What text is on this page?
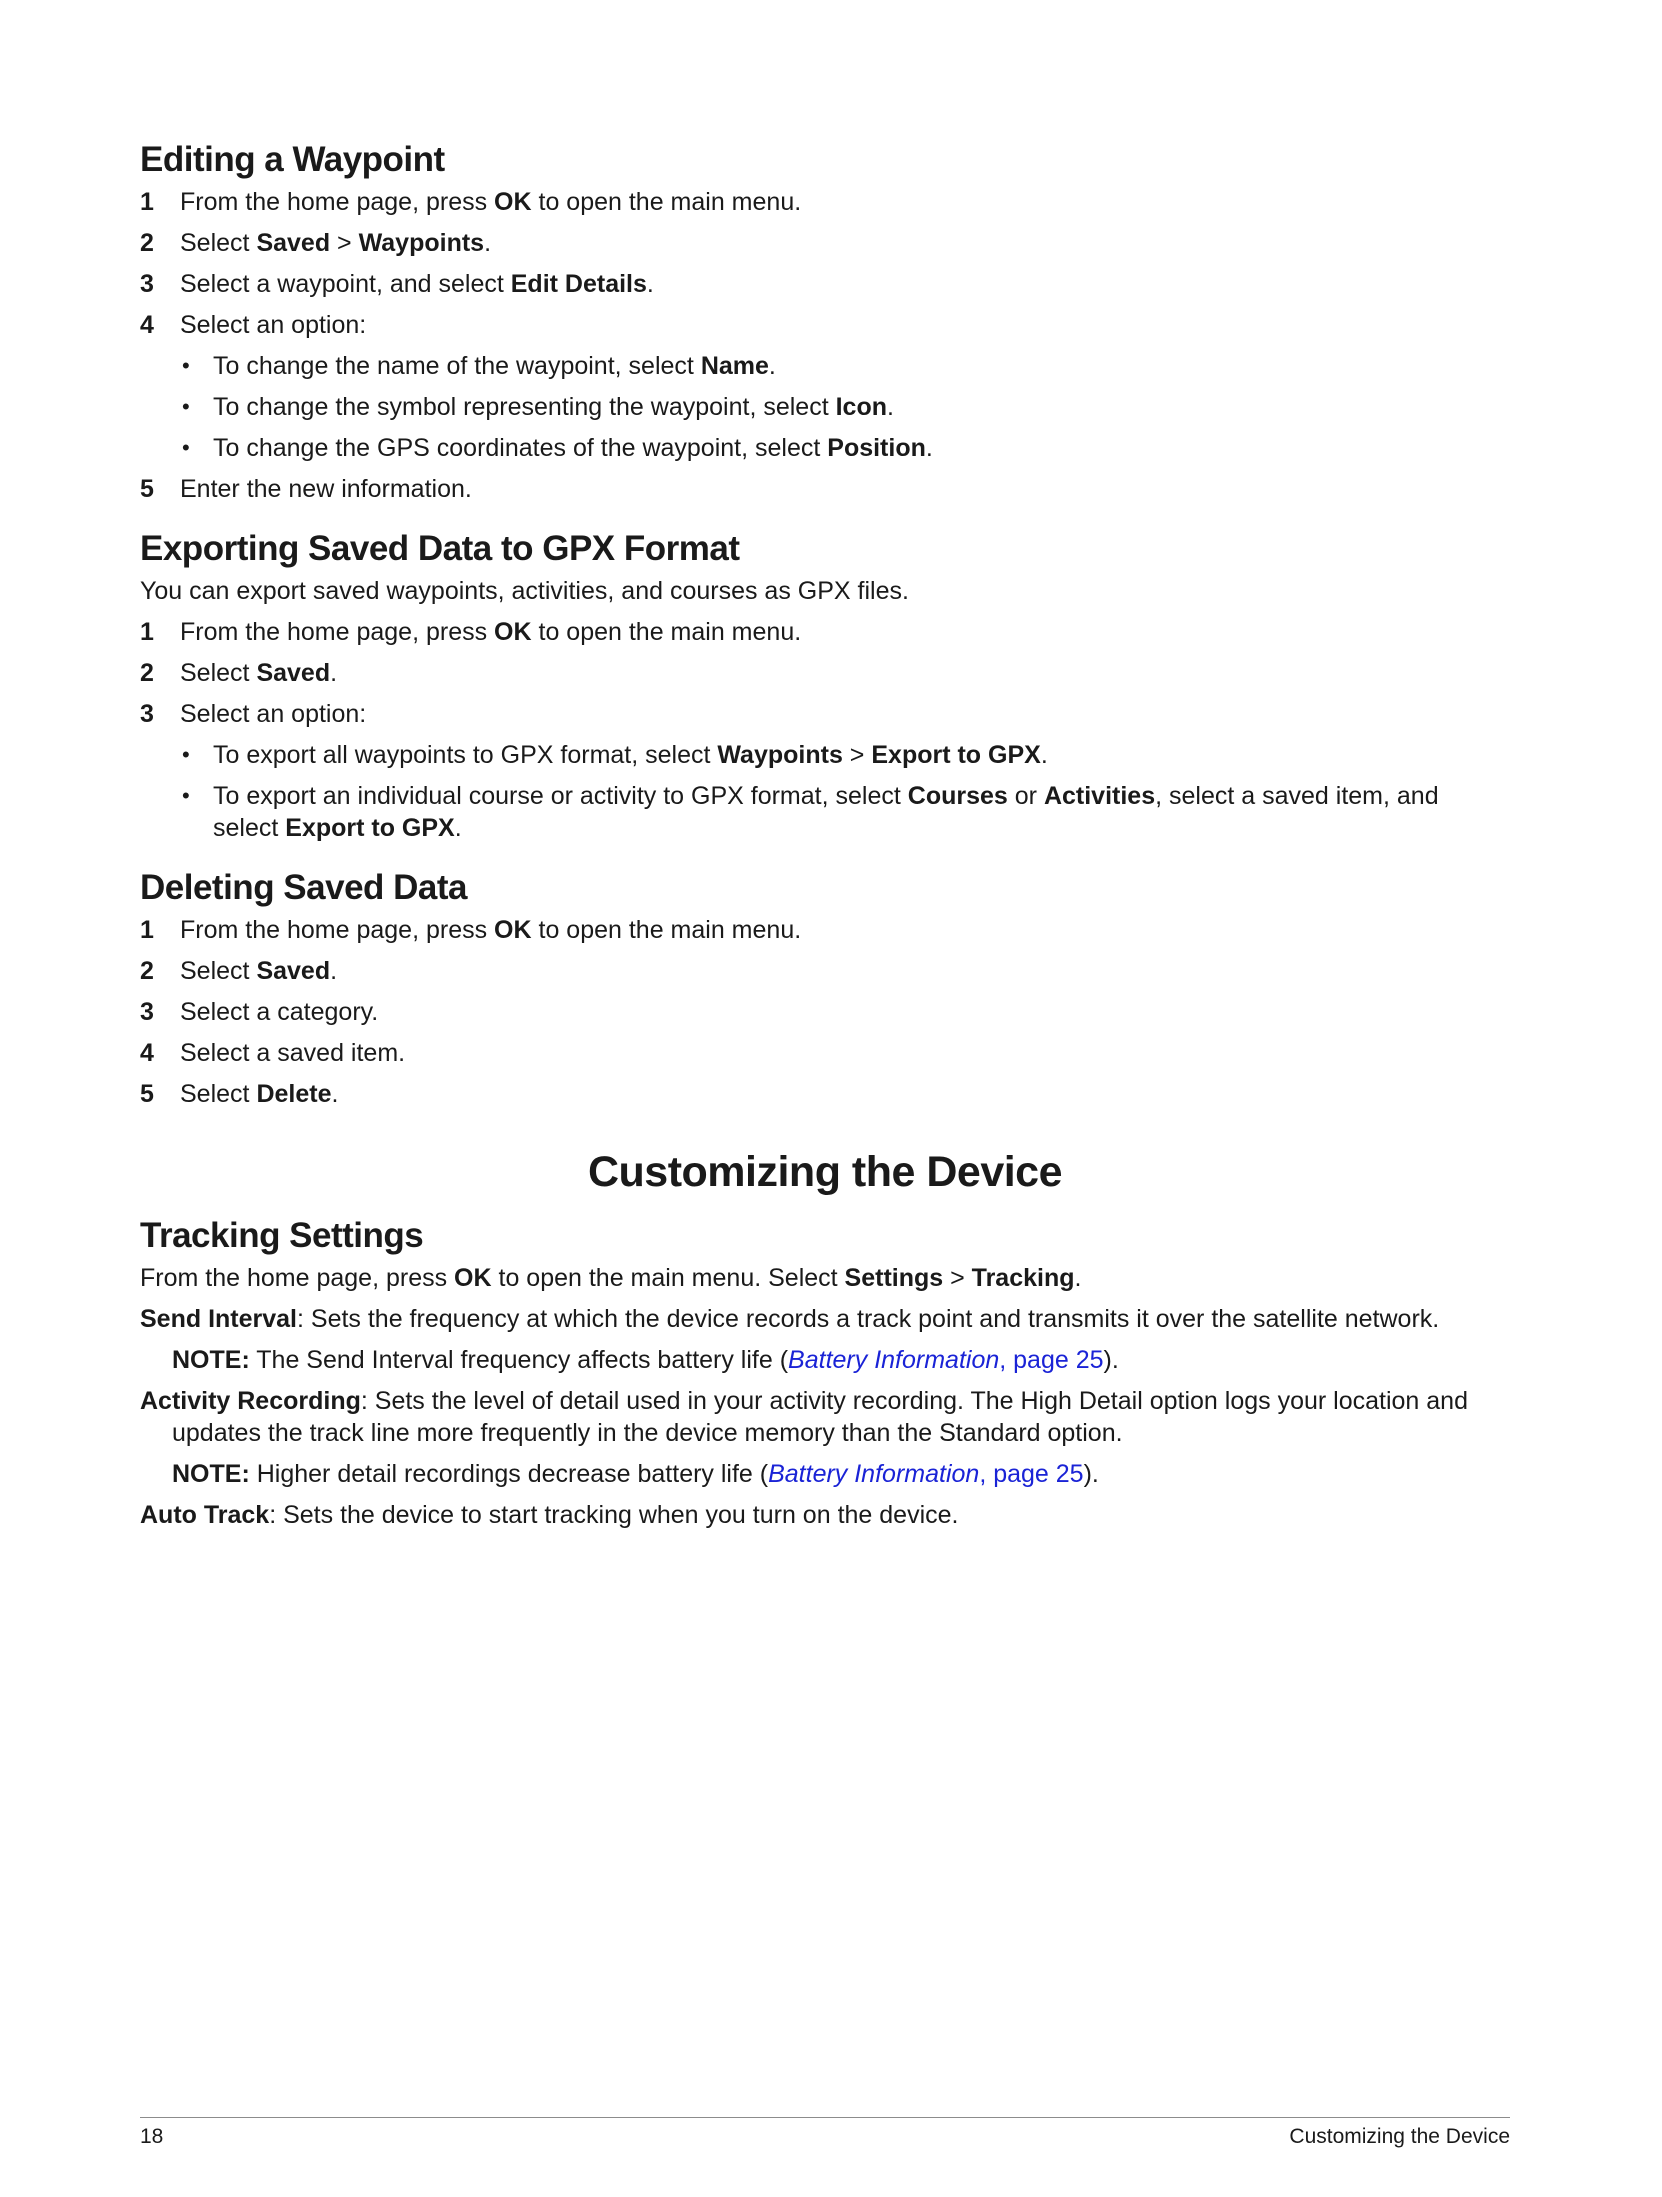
Editing a Waypoint
1 From the home page, press OK to open the main menu.
2 Select Saved > Waypoints.
3 Select a waypoint, and select Edit Details.
4 Select an option:
• To change the name of the waypoint, select Name.
• To change the symbol representing the waypoint, select Icon.
• To change the GPS coordinates of the waypoint, select Position.
5 Enter the new information.
Exporting Saved Data to GPX Format

You can export saved waypoints, activities, and courses as GPX files.

1 From the home page, press OK to open the main menu.
2 Select Saved.
3 Select an option:
• To export all waypoints to GPX format, select Waypoints > Export to GPX.
• To export an individual course or activity to GPX format, select Courses or Activities, select a saved item, and select Export to GPX.
Deleting Saved Data
1 From the home page, press OK to open the main menu.
2 Select Saved.
3 Select a category.
4 Select a saved item.
5 Select Delete.
Customizing the Device
Tracking Settings

From the home page, press OK to open the main menu. Select Settings > Tracking.

Send Interval: Sets the frequency at which the device records a track point and transmits it over the satellite network.

NOTE: The Send Interval frequency affects battery life (Battery Information, page 25).

Activity Recording: Sets the level of detail used in your activity recording. The High Detail option logs your location and updates the track line more frequently in the device memory than the Standard option.

NOTE: Higher detail recordings decrease battery life (Battery Information, page 25).

Auto Track: Sets the device to start tracking when you turn on the device.

18	Customizing the Device
